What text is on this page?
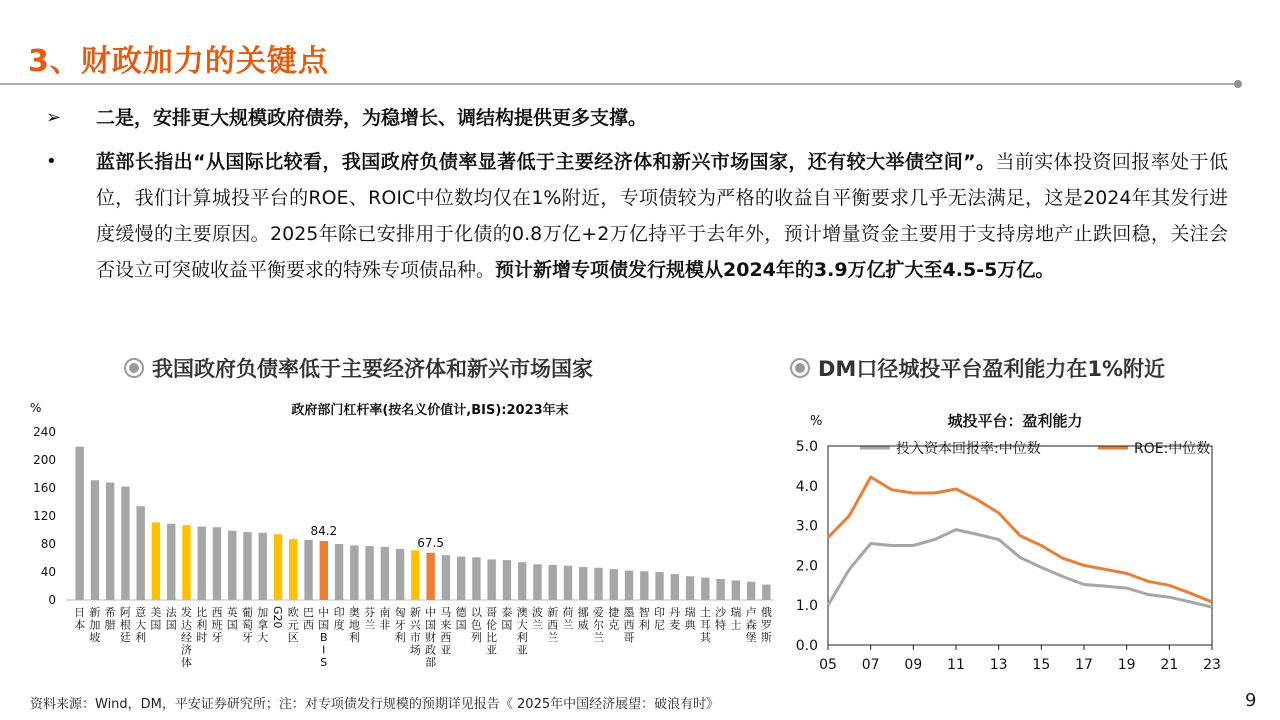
3、财政加力的关键点
➢ 二是，安排更大规模政府债券，为稳增长、调结构提供更多支撑。
•	蓝部长指出“从国际比较看，我国政府负债率显著低于主要经济体和新兴市场国家，还有较大举债空间”。当前实体投资回报率处于低位，我们计算城投平台的ROE、ROIC中位数均仅在1%附近，专项债较为严格的收益自平衡要求几乎无法满足，这是2024年其发行进度缓慢的主要原因。2025年除已安排用于化债的0.8万亿+2万亿持平于去年外，预计增量资金主要用于支持房地产止跌回稳，关注会否设立可突破收益平衡要求的特殊专项债品种。预计新增专项债发行规模从2024年的3.9万亿扩大至4.5-5万亿。
我国政府负债率低于主要经济体和新兴市场国家	DM口径城投平台盈利能力在1%附近
政府部门杠杆率(按名义价值计,BIS):2023年末
%
0
40
80
120
160
200
240
84.2
67.5
日本
新加坡
希腊
阿根廷
意大利
美国
法国
发达经济体
比利时
西班牙
英国
葡萄牙
加拿大
G20 欧元区
巴西
中国 B I S
印度
奥地利
芬兰
南非
匈牙利
新兴市场
中国财政部
马来西亚
德国
以色列
哥伦比亚
泰国
澳大利亚
波兰
新西兰
荷兰
挪威
爱尔兰
捷克
墨西哥
智利
印尼
丹麦
瑞典
土耳其
沙特
瑞士
卢森堡
俄罗斯
城投平台：盈利能力
%
投入资本回报率:中位数	ROE:中位数
0.0
1.0
2.0
3.0
4.0
5.0
05 07 09 11 13 15 17 19 21 23
资料来源：Wind，DM，平安证券研究所；注：对专项债发行规模的预期详见报告《 2025年中国经济展望：破浪有时》	9
